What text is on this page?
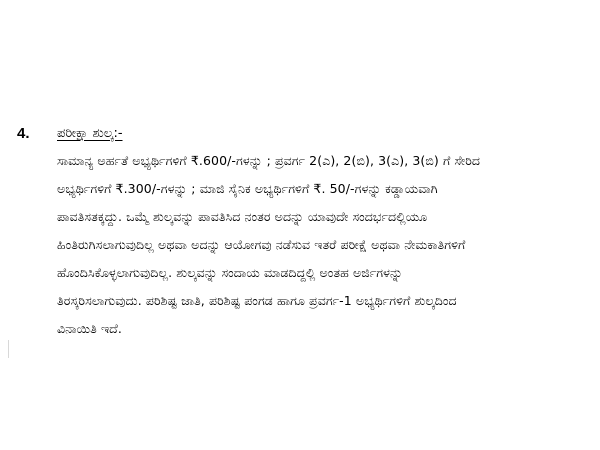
4. ಪರೀಕ್ಷಾ ಶುಲ್ಕ:-
ಸಾಮಾನ್ಯ ಅರ್ಹತೆ ಅಭ್ಯರ್ಥಿಗಳಿಗೆ ₹.600/-ಗಳನ್ನು ; ಪ್ರವರ್ಗ 2(ಎ), 2(ಬಿ), 3(ಎ), 3(ಬಿ) ಗೆ ಸೇರಿದ
ಅಭ್ಯರ್ಥಿಗಳಿಗೆ ₹.300/-ಗಳನ್ನು ; ಮಾಜಿ ಸೈನಿಕ ಅಭ್ಯರ್ಥಿಗಳಿಗೆ ₹. 50/-ಗಳನ್ನು ಕಡ್ಡಾಯವಾಗಿ
ಪಾವತಿಸತಕ್ಕದ್ದು. ಒಮ್ಮೆ ಶುಲ್ಕವನ್ನು ಪಾವತಿಸಿದ ನಂತರ ಅದನ್ನು ಯಾವುದೇ ಸಂದರ್ಭದಲ್ಲಿಯೂ
ಹಿಂತಿರುಗಿಸಲಾಗುವುದಿಲ್ಲ ಅಥವಾ ಅದನ್ನು ಆಯೋಗವು ನಡೆಸುವ ಇತರೆ ಪರೀಕ್ಷೆ ಅಥವಾ ನೇಮಕಾತಿಗಳಿಗೆ
ಹೊಂದಿಸಿಕೊಳ್ಳಲಾಗುವುದಿಲ್ಲ. ಶುಲ್ಕವನ್ನು ಸಂದಾಯ ಮಾಡದಿದ್ದಲ್ಲಿ ಅಂತಹ ಅರ್ಜಿಗಳನ್ನು
ತಿರಸ್ಕರಿಸಲಾಗುವುದು. ಪರಿಶಿಷ್ಟ ಜಾತಿ, ಪರಿಶಿಷ್ಟ ಪಂಗಡ ಹಾಗೂ ಪ್ರವರ್ಗ-1 ಅಭ್ಯರ್ಥಿಗಳಿಗೆ ಶುಲ್ಕದಿಂದ
ವಿನಾಯಿತಿ ಇದೆ.
